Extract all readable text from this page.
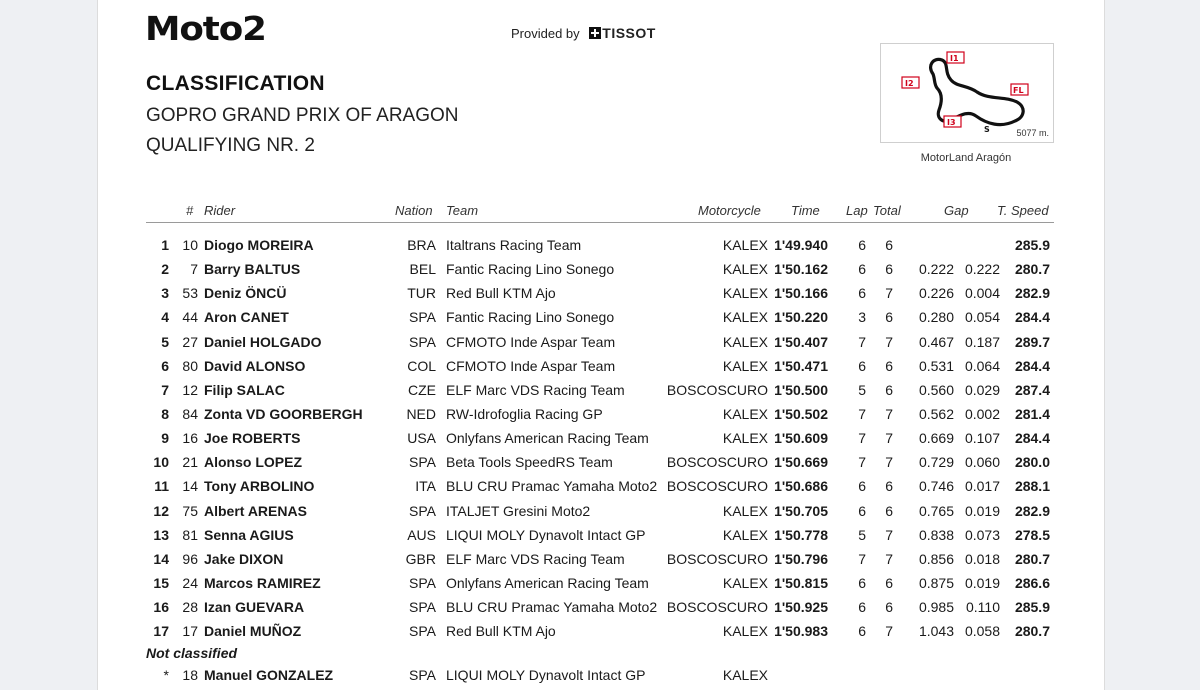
Moto2	Provided by TISSOT
CLASSIFICATION
GOPRO GRAND PRIX OF ARAGON
QUALIFYING NR. 2
I1
I2
I3
FL
S	5077 m.
MotorLand Aragón
# Rider	Nation Team	Motorcycle Time Lap Total	Gap T. Speed
1 10 Diogo MOREIRA	BRA Italtrans Racing Team	KALEX 1'49.940	6	6	285.9
2	7 Barry BALTUS	BEL Fantic Racing Lino Sonego	KALEX 1'50.162	6	6	0.222 0.222	280.7
3 53 Deniz ÖNCÜ	TUR Red Bull KTM Ajo	KALEX 1'50.166	6	7	0.226 0.004	282.9
4 44 Aron CANET	SPA Fantic Racing Lino Sonego	KALEX 1'50.220	3	6	0.280 0.054	284.4
5 27 Daniel HOLGADO	SPA CFMOTO Inde Aspar Team	KALEX 1'50.407	7	7	0.467 0.187	289.7
6 80 David ALONSO	COL CFMOTO Inde Aspar Team	KALEX 1'50.471	6	6	0.531 0.064	284.4
7 12 Filip SALAC	CZE ELF Marc VDS Racing Team	BOSCOSCURO 1'50.500	5	6	0.560 0.029	287.4
8 84 Zonta VD GOORBERGH	NED RW-Idrofoglia Racing GP	KALEX 1'50.502	7	7	0.562 0.002	281.4
9 16 Joe ROBERTS	USA Onlyfans American Racing Team	KALEX 1'50.609	7	7	0.669 0.107	284.4
10 21 Alonso LOPEZ	SPA Beta Tools SpeedRS Team	BOSCOSCURO 1'50.669	7	7	0.729 0.060	280.0
11 14 Tony ARBOLINO	ITA BLU CRU Pramac Yamaha Moto2 BOSCOSCURO 1'50.686	6	6	0.746 0.017	288.1
12 75 Albert ARENAS	SPA ITALJET Gresini Moto2	KALEX 1'50.705	6	6	0.765 0.019	282.9
13 81 Senna AGIUS	AUS LIQUI MOLY Dynavolt Intact GP	KALEX 1'50.778	5	7	0.838 0.073	278.5
14 96 Jake DIXON	GBR ELF Marc VDS Racing Team	BOSCOSCURO 1'50.796	7	7	0.856 0.018	280.7
15 24 Marcos RAMIREZ	SPA Onlyfans American Racing Team	KALEX 1'50.815	6	6	0.875 0.019	286.6
16 28 Izan GUEVARA	SPA BLU CRU Pramac Yamaha Moto2 BOSCOSCURO 1'50.925	6	6	0.985 0.110	285.9
17 17 Daniel MUÑOZ	SPA Red Bull KTM Ajo	KALEX 1'50.983	6	7	1.043 0.058	280.7
Not classified
* 18 Manuel GONZALEZ	SPA LIQUI MOLY Dynavolt Intact GP	KALEX
